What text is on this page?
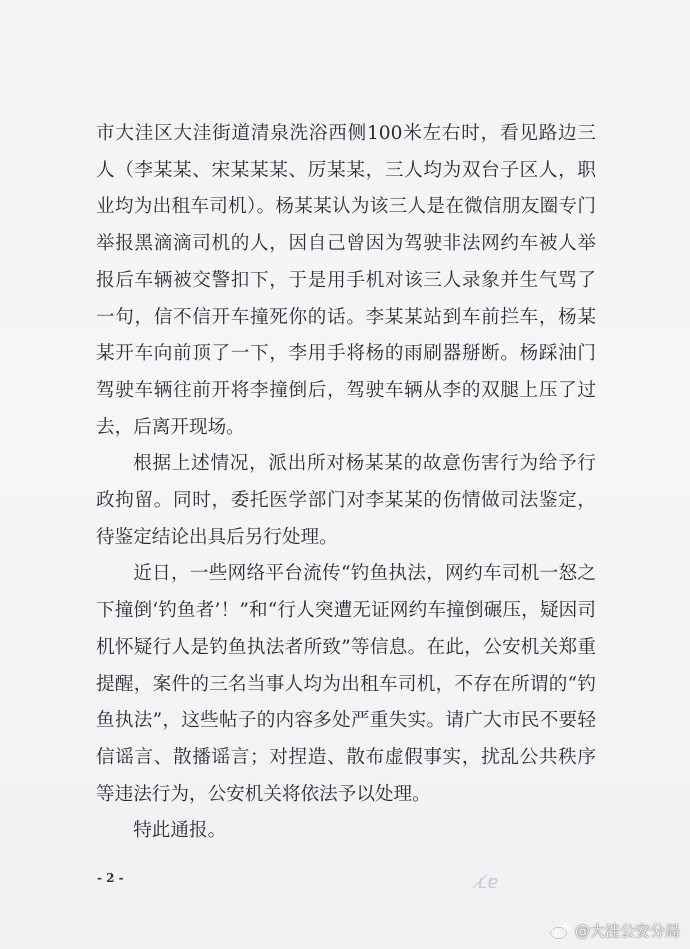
市大洼区大洼街道清泉洗浴西侧100米左右时，看见路边三人（李某某、宋某某某、厉某某，三人均为双台子区人，职业均为出租车司机）。杨某某认为该三人是在微信朋友圈专门举报黑滴滴司机的人，因自己曾因为驾驶非法网约车被人举报后车辆被交警扣下，于是用手机对该三人录象并生气骂了一句，信不信开车撞死你的话。李某某站到车前拦车，杨某某开车向前顶了一下，李用手将杨的雨刷器掰断。杨踩油门驾驶车辆往前开将李撞倒后，驾驶车辆从李的双腿上压了过去，后离开现场。

根据上述情况，派出所对杨某某的故意伤害行为给予行政拘留。同时，委托医学部门对李某某的伤情做司法鉴定，待鉴定结论出具后另行处理。

近日，一些网络平台流传“钓鱼执法，网约车司机一怒之下撞倒‘钓鱼者’！”和“行人突遭无证网约车撞倒碾压，疑因司机怀疑行人是钓鱼执法者所致”等信息。在此，公安机关郑重提醒，案件的三名当事人均为出租车司机，不存在所谓的“钓鱼执法”，这些帖子的内容多处严重失实。请广大市民不要轻信谣言、散播谣言；对捏造、散布虚假事实，扰乱公共秩序等违法行为，公安机关将依法予以处理。

特此通报。

- 2 -	ʟ̸ɐ
@大洼公安分局
